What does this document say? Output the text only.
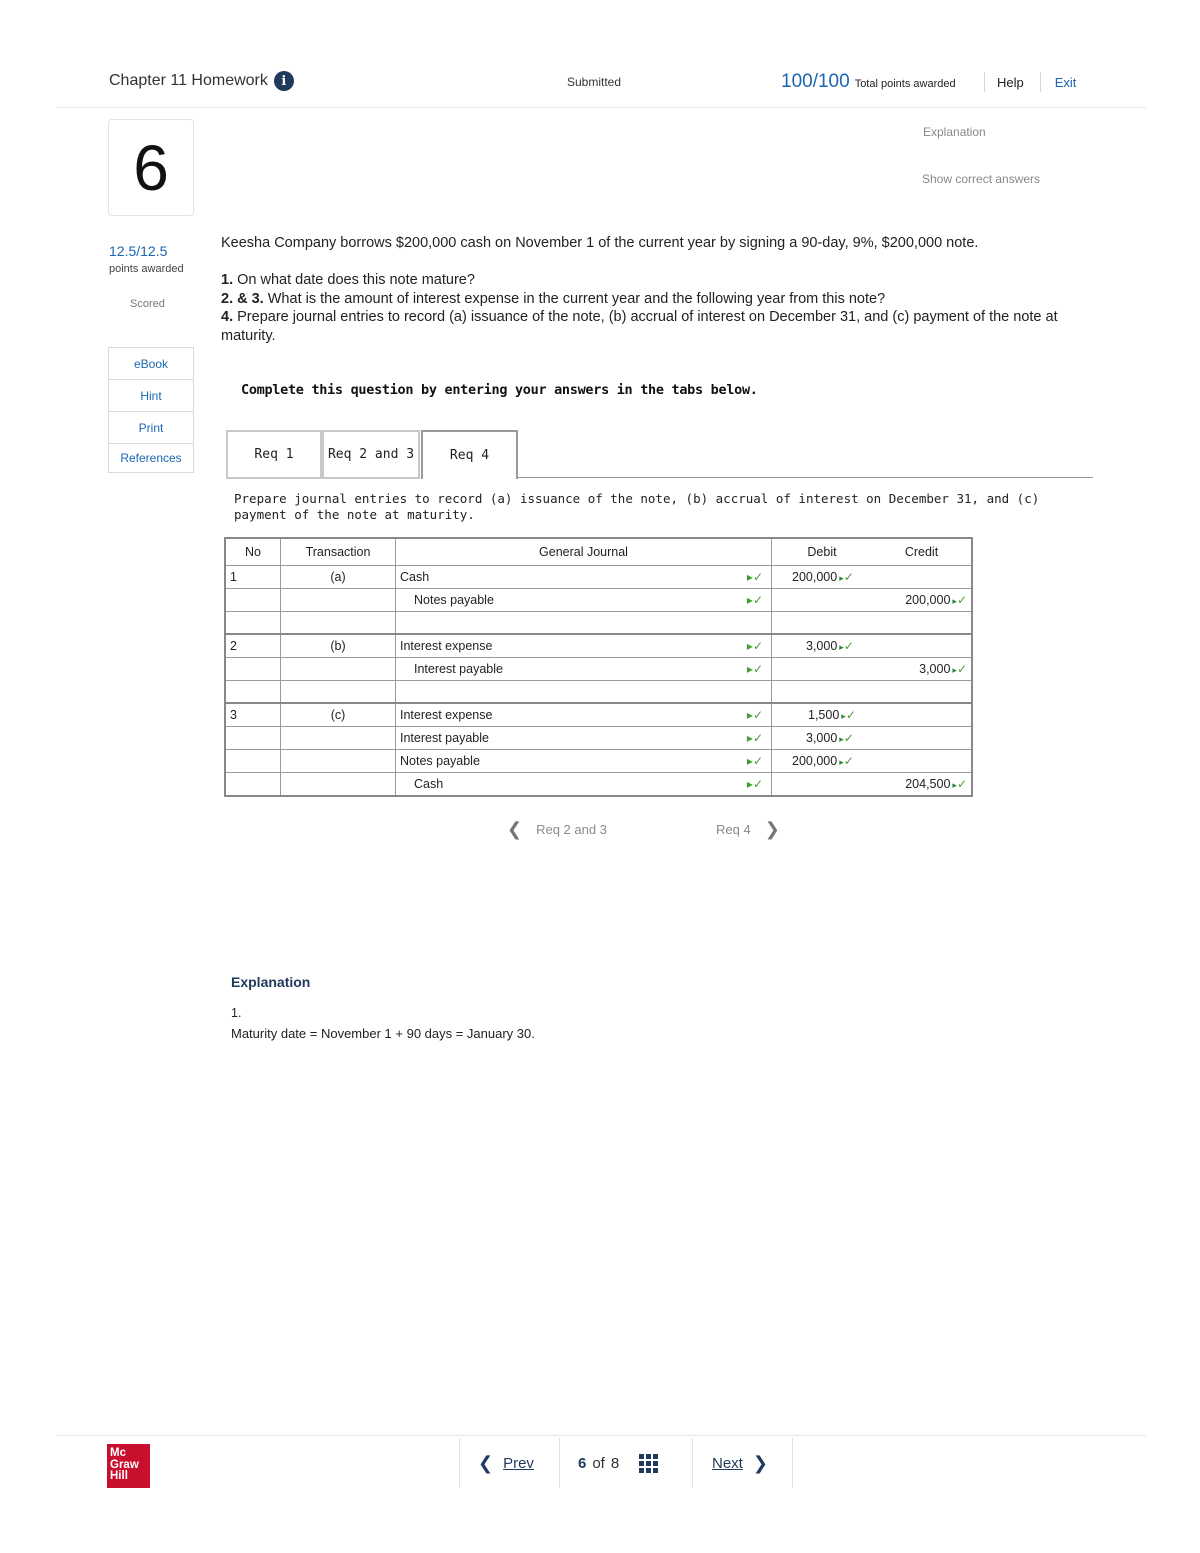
Chapter 11 Homework	i	Submitted	100/100 Total points awarded	Help	Exit
6
12.5/12.5
points awarded
Scored
eBook
Hint
Print
References
Explanation
Show correct answers
Keesha Company borrows $200,000 cash on November 1 of the current year by signing a 90-day, 9%, $200,000 note.
1. On what date does this note mature?
2. & 3. What is the amount of interest expense in the current year and the following year from this note?
4. Prepare journal entries to record (a) issuance of the note, (b) accrual of interest on December 31, and (c) payment of the note at maturity.
Complete this question by entering your answers in the tabs below.
Req 1	Req 2 and 3	Req 4
Prepare journal entries to record (a) issuance of the note, (b) accrual of interest on December 31, and (c) payment of the note at maturity.
No	Transaction	General Journal	Debit	Credit
1	(a)	Cash ▸✓	200,000 ▸✓	
		Notes payable ▸✓		200,000 ▸✓

2	(b)	Interest expense ▸✓	3,000 ▸✓	
		Interest payable ▸✓		3,000 ▸✓

3	(c)	Interest expense ▸✓	1,500 ▸✓	
		Interest payable ▸✓	3,000 ▸✓	
		Notes payable ▸✓	200,000 ▸✓	
		Cash ▸✓		204,500 ▸✓
❮ Req 2 and 3	Req 4 ❯
Explanation
1.
Maturity date = November 1 + 90 days = January 30.
Mc
Graw
Hill
❮ Prev	6 of 8	Next ❯
